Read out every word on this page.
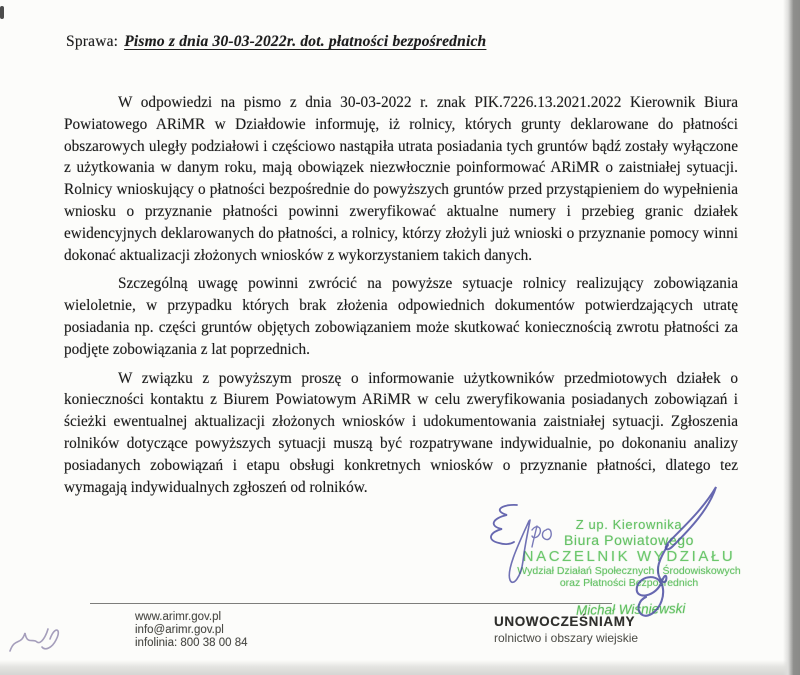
Sprawa: Pismo z dnia 30-03-2022r. dot. płatności bezpośrednich

W odpowiedzi na pismo z dnia 30-03-2022 r. znak PIK.7226.13.2021.2022 Kierownik Biura Powiatowego ARiMR w Działdowie informuję, iż rolnicy, których grunty deklarowane do płatności obszarowych uległy podziałowi i częściowo nastąpiła utrata posiadania tych gruntów bądź zostały wyłączone z użytkowania w danym roku, mają obowiązek niezwłocznie poinformować ARiMR o zaistniałej sytuacji. Rolnicy wnioskujący o płatności bezpośrednie do powyższych gruntów przed przystąpieniem do wypełnienia wniosku o przyznanie płatności powinni zweryfikować aktualne numery i przebieg granic działek ewidencyjnych deklarowanych do płatności, a rolnicy, którzy złożyli już wnioski o przyznanie pomocy winni dokonać aktualizacji złożonych wniosków z wykorzystaniem takich danych.

Szczególną uwagę powinni zwrócić na powyższe sytuacje rolnicy realizujący zobowiązania wieloletnie, w przypadku których brak złożenia odpowiednich dokumentów potwierdzających utratę posiadania np. części gruntów objętych zobowiązaniem może skutkować koniecznością zwrotu płatności za podjęte zobowiązania z lat poprzednich.

W związku z powyższym proszę o informowanie użytkowników przedmiotowych działek o konieczności kontaktu z Biurem Powiatowym ARiMR w celu zweryfikowania posiadanych zobowiązań i ścieżki ewentualnej aktualizacji złożonych wniosków i udokumentowania zaistniałej sytuacji. Zgłoszenia rolników dotyczące powyższych sytuacji muszą być rozpatrywane indywidualnie, po dokonaniu analizy posiadanych zobowiązań i etapu obsługi konkretnych wniosków o przyznanie płatności, dlatego tez wymagają indywidualnych zgłoszeń od rolników.

Z up. Kierownika
Biura Powiatowego
NACZELNIK WYDZIAŁU
Wydział Działań Społecznych i Środowiskowych
oraz Płatności Bezpośrednich
Michał Wiśniewski
www.arimr.gov.pl
info@arimr.gov.pl
infolinia: 800 38 00 84
UNOWOCZEŚNIAMY
rolnictwo i obszary wiejskie
